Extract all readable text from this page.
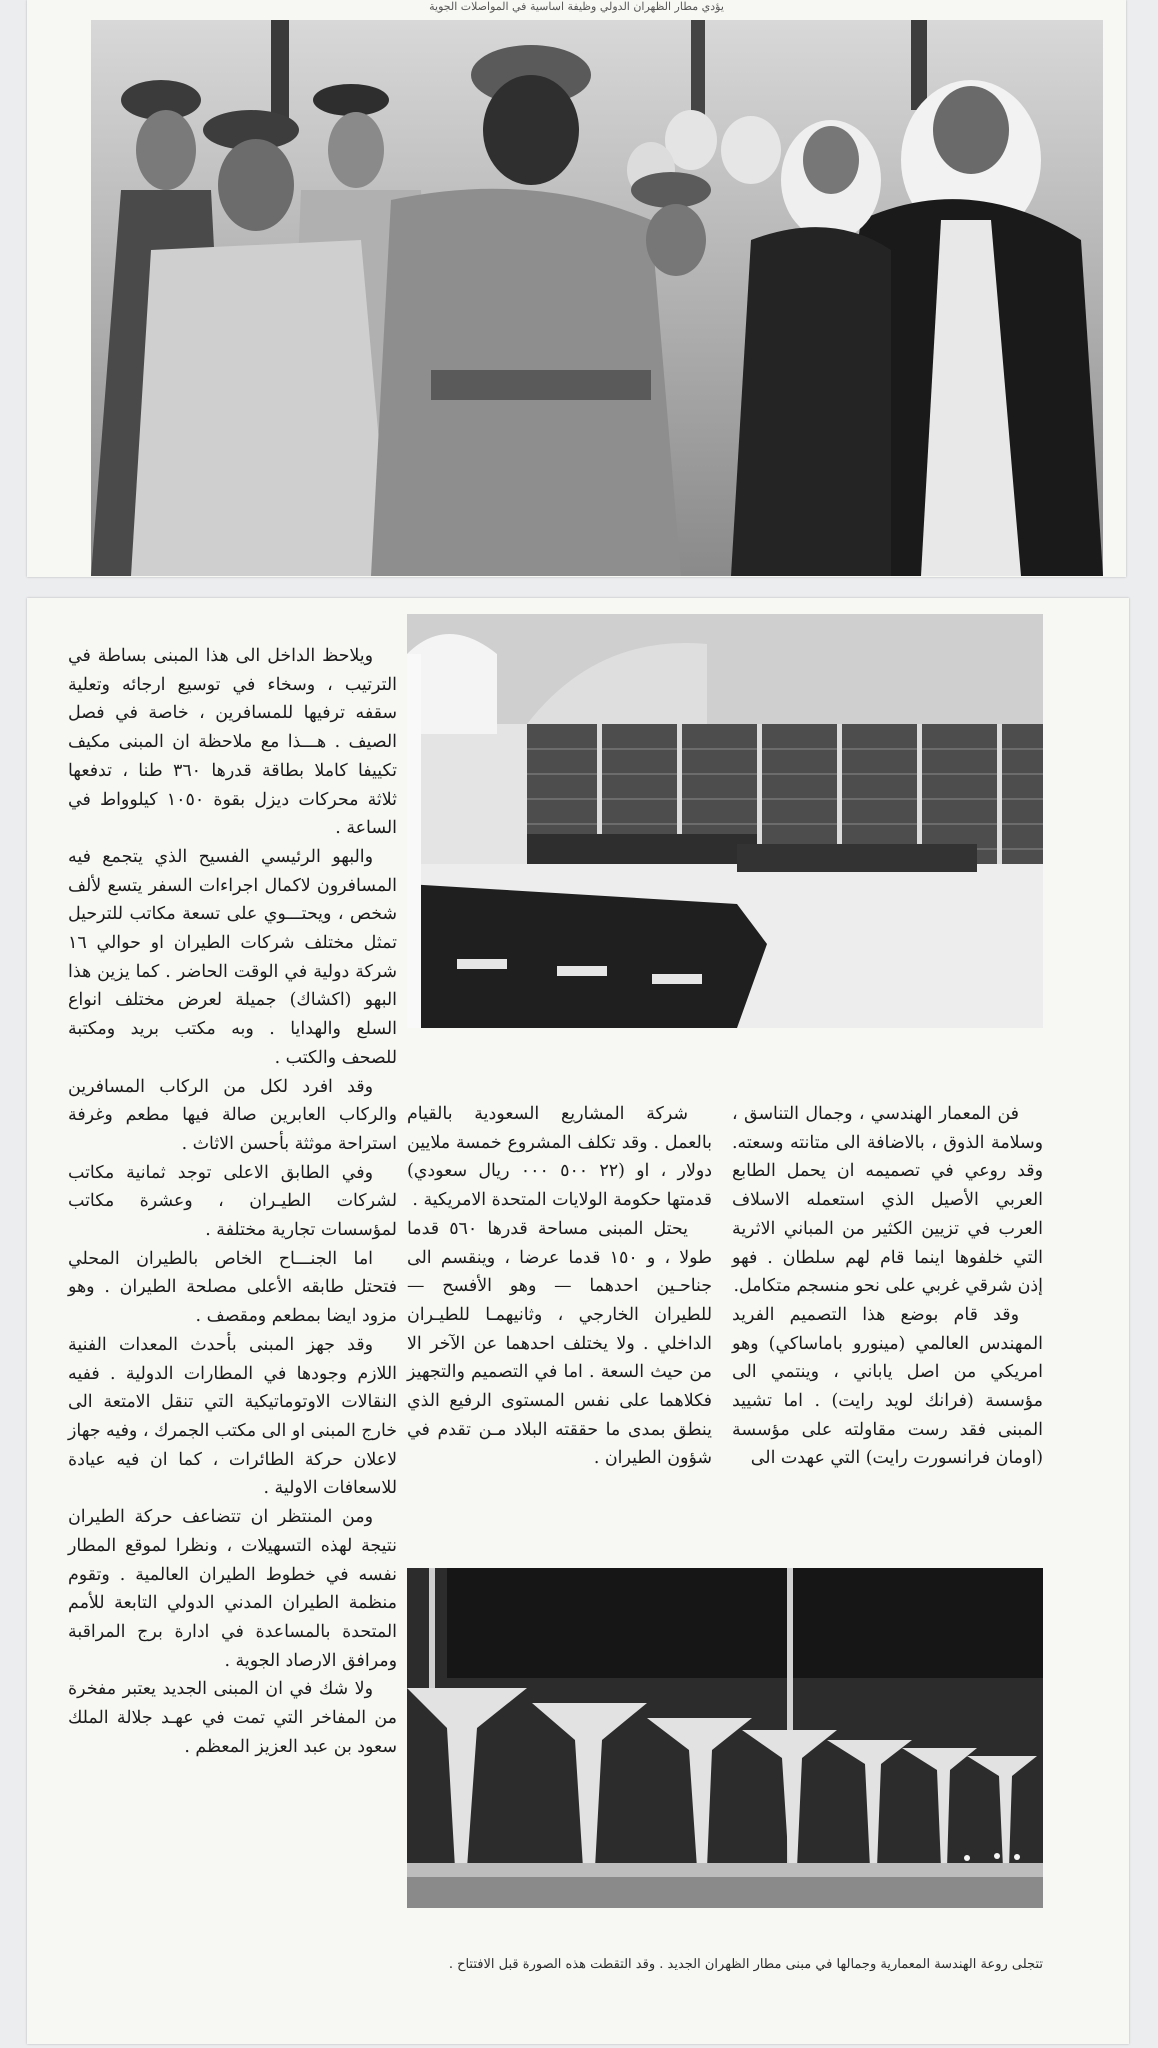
يؤدي مطار الظهران الدولي وظيفة اساسية في المواصلات الجوية

ويلاحظ الداخل الى هذا المبنى بساطة في الترتيب ، وسخاء في توسيع ارجائه وتعلية سقفه ترفيها للمسافرين ، خاصة في فصل الصيف . هـــذا مع ملاحظة ان المبنى مكيف تكييفا كاملا بطاقة قدرها ٣٦٠ طنا ، تدفعها ثلاثة محركات ديزل بقوة ١٠٥٠ كيلوواط في الساعة .

والبهو الرئيسي الفسيح الذي يتجمع فيه المسافرون لاكمال اجراءات السفر يتسع لألف شخص ، ويحتـــوي على تسعة مكاتب للترحيل تمثل مختلف شركات الطيران او حوالي ١٦ شركة دولية في الوقت الحاضر . كما يزين هذا البهو (اكشاك) جميلة لعرض مختلف انواع السلع والهدايا . وبه مكتب بريد ومكتبة للصحف والكتب .

وقد افرد لكل من الركاب المسافرين والركاب العابرين صالة فيها مطعم وغرفة استراحة موثثة بأحسن الاثاث .

وفي الطابق الاعلى توجد ثمانية مكاتب لشركات الطيـران ، وعشرة مكاتب لمؤسسات تجارية مختلفة .

اما الجنـــاح الخاص بالطيران المحلي فتحتل طابقه الأعلى مصلحة الطيران . وهو مزود ايضا بمطعم ومقصف .

وقد جهز المبنى بأحدث المعدات الفنية اللازم وجودها في المطارات الدولية . ففيه النقالات الاوتوماتيكية التي تنقل الامتعة الى خارج المبنى او الى مكتب الجمرك ، وفيه جهاز لاعلان حركة الطائرات ، كما ان فيه عيادة للاسعافات الاولية .

ومن المنتظر ان تتضاعف حركة الطيران نتيجة لهذه التسهيلات ، ونظرا لموقع المطار نفسه في خطوط الطيران العالمية . وتقوم منظمة الطيران المدني الدولي التابعة للأمم المتحدة بالمساعدة في ادارة برج المراقبة ومرافق الارصاد الجوية .

ولا شك في ان المبنى الجديد يعتبر مفخرة من المفاخر التي تمت في عهـد جلالة الملك سعود بن عبد العزيز المعظم .

فن المعمار الهندسي ، وجمال التناسق ، وسلامة الذوق ، بالاضافة الى متانته وسعته. وقد روعي في تصميمه ان يحمل الطابع العربي الأصيل الذي استعمله الاسلاف العرب في تزيين الكثير من المباني الاثرية التي خلفوها اينما قام لهم سلطان . فهو إذن شرقي غربي على نحو منسجم متكامل.

وقد قام بوضع هذا التصميم الفريد المهندس العالمي (مينورو باماساكي) وهو امريكي من اصل ياباني ، وينتمي الى مؤسسة (فرانك لويد رايت) . اما تشييد المبنى فقد رست مقاولته على مؤسسة (اومان فرانسورت رايت) التي عهدت الى

شركة المشاريع السعودية بالقيام بالعمل . وقد تكلف المشروع خمسة ملايين دولار ، او (٢٢ ٥٠٠ ٠٠٠ ريال سعودي) قدمتها حكومة الولايات المتحدة الامريكية .

يحتل المبنى مساحة قدرها ٥٦٠ قدما طولا ، و ١٥٠ قدما عرضا ، وينقسم الى جناحـين احدهما — وهو الأفسح — للطيران الخارجي ، وثانيهمـا للطيـران الداخلي . ولا يختلف احدهما عن الآخر الا من حيث السعة . اما في التصميم والتجهيز فكلاهما على نفس المستوى الرفيع الذي ينطق بمدى ما حققته البلاد مـن تقدم في شؤون الطيران .

تتجلى روعة الهندسة المعمارية وجمالها في مبنى مطار الظهران الجديد . وقد التقطت هذه الصورة قبل الافتتاح .
